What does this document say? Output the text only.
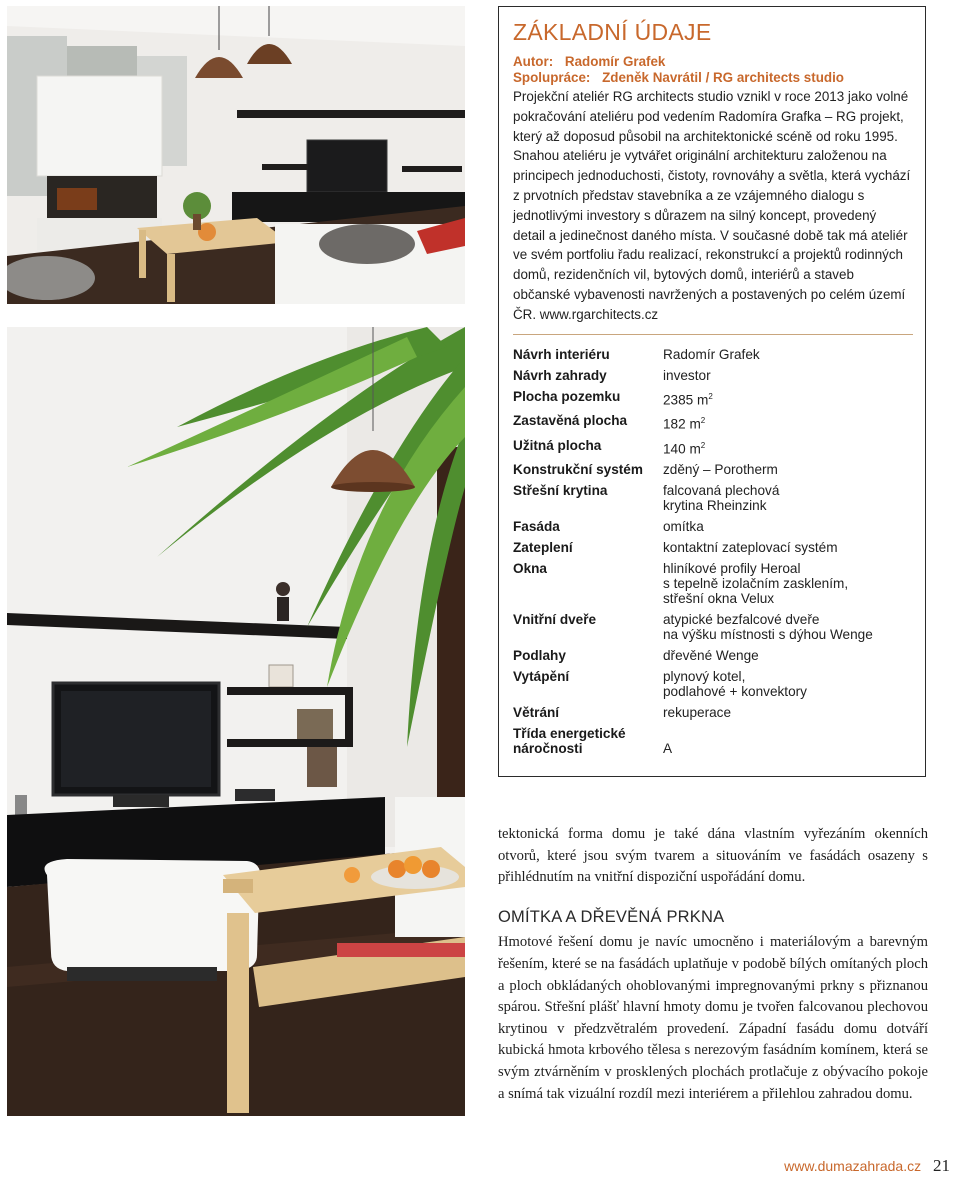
ZÁKLADNÍ ÚDAJE
Autor: Radomír Grafek
Spolupráce: Zdeněk Navrátil / RG architects studio
Projekční ateliér RG architects studio vznikl v roce 2013 jako volné pokračování ateliéru pod vedením Radomíra Grafka – RG projekt, který až doposud působil na architektonické scéně od roku 1995. Snahou ateliéru je vytvářet originální architekturu založenou na principech jednoduchosti, čistoty, rovnováhy a světla, která vychází z prvotních představ stavebníka a ze vzájemného dialogu s jednotlivými investory s důrazem na silný koncept, provedený detail a jedinečnost daného místa. V současné době tak má ateliér ve svém portfoliu řadu realizací, rekonstrukcí a projektů rodinných domů, rezidenčních vil, bytových domů, interiérů a staveb občanské vybavenosti navržených a postavených po celém území ČR. www.rgarchitects.cz
Návrh interiéru	Radomír Grafek
Návrh zahrady	investor
Plocha pozemku	2385 $m^2$
Zastavěná plocha	182 $m^2$
Užitná plocha	140 $m^2$
Konstrukční systém	zděný – Porotherm
Střešní krytina	falcovaná plechová
krytina Rheinzink
Fasáda	omítka
Zateplení	kontaktní zateplovací systém
Okna	hliníkové profily Heroal
s tepelně izolačním zasklením,
střešní okna Velux
Vnitřní dveře	atypické bezfalcové dveře
na výšku místnosti s dýhou Wenge
Podlahy	dřevěné Wenge
Vytápění	plynový kotel,
podlahové + konvektory
Větrání	rekuperace
Třída energetické
náročnosti	A

tektonická forma domu je také dána vlastním vyřezáním okenních otvorů, které jsou svým tvarem a situováním ve fasádách osazeny s přihlédnutím na vnitřní dispoziční uspořádání domu.

OMÍTKA A DŘEVĚNÁ PRKNA

Hmotové řešení domu je navíc umocněno i materiálovým a barevným řešením, které se na fasádách uplatňuje v podobě bílých omítaných ploch a ploch obkládaných ohoblovanými impregnovanými prkny s přiznanou spárou. Střešní plášť hlavní hmoty domu je tvořen falcovanou plechovou krytinou v předzvětralém provedení. Západní fasádu domu dotváří kubická hmota krbového tělesa s nerezovým fasádním komínem, která se svým ztvárněním v prosklených plochách protlačuje z obývacího pokoje a snímá tak vizuální rozdíl mezi interiérem a přilehlou zahradou domu.

www.dumazahrada.cz 21
